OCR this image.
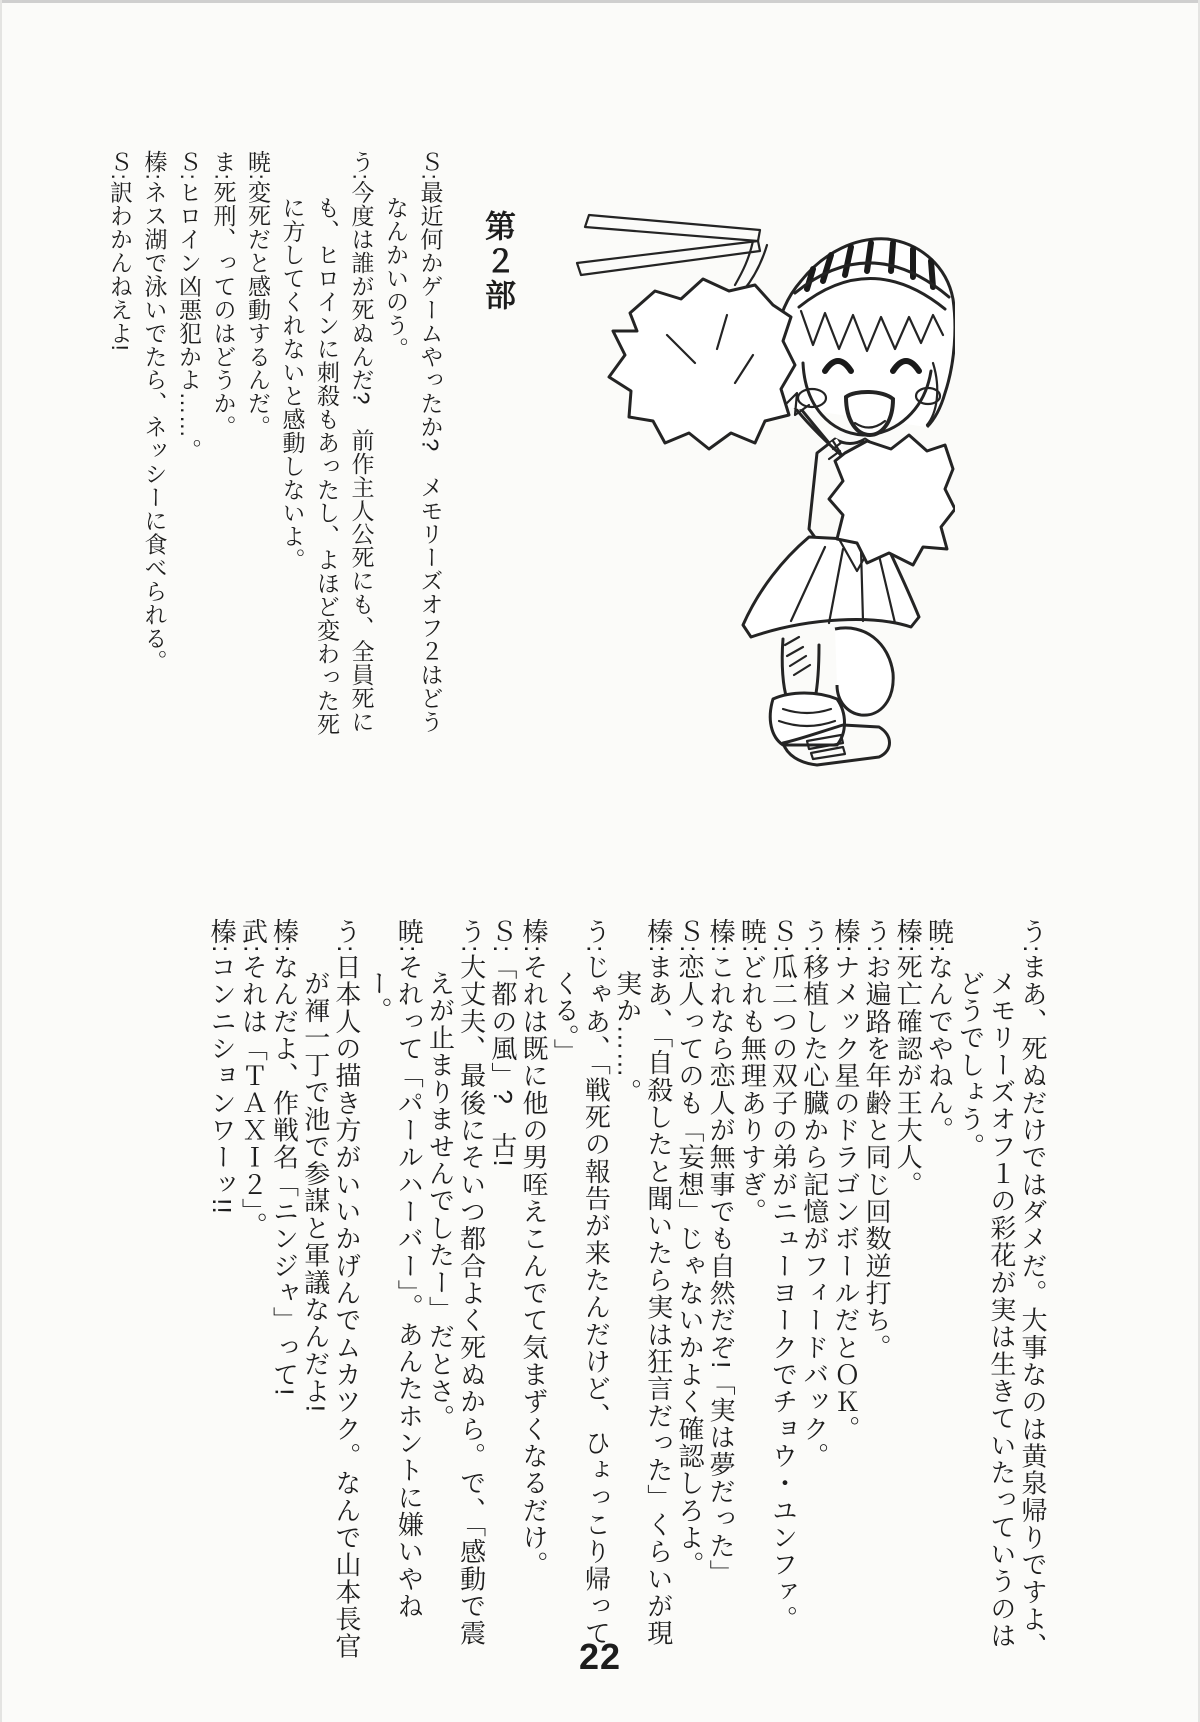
第２部

Ｓ:最近何かゲームやったか?　メモリーズオフ２はどうなんかいのう。

う:今度は誰が死ぬんだ?　前作主人公死にも、全員死にも、ヒロインに刺殺もあったし、よほど変わった死に方してくれないと感動しないよ。

暁:変死だと感動するんだ。

ま:死刑、ってのはどうか。

Ｓ:ヒロイン凶悪犯かよ……。

榛:ネス湖で泳いでたら、ネッシーに食べられる。

Ｓ:訳わかんねえよ!

う:まあ、死ぬだけではダメだ。大事なのは黄泉帰りですよ、メモリーズオフ１の彩花が実は生きていたっていうのはどうでしょう。

暁:なんでやねん。

榛:死亡確認が王大人。

う:お遍路を年齢と同じ回数逆打ち。

榛:ナメック星のドラゴンボールだとＯＫ。

う:移植した心臓から記憶がフィードバック。

Ｓ:瓜二つの双子の弟がニューヨークでチョウ・ユンファ。

暁:どれも無理ありすぎ。

榛:これなら恋人が無事でも自然だぞ!「実は夢だった」

Ｓ:恋人ってのも「妄想」じゃないかよく確認しろよ。

榛:まあ、「自殺したと聞いたら実は狂言だった」くらいが現実か……。

う:じゃあ、「戦死の報告が来たんだけど、ひょっこり帰ってくる。」

榛:それは既に他の男咥えこんでて気まずくなるだけ。

Ｓ:「都の風」?　古!

う:大丈夫、最後にそいつ都合よく死ぬから。で、「感動で震えが止まりませんでしたー」だとさ。

暁:それって「パールハーバー」。あんたホントに嫌いやねー。

う:日本人の描き方がいいかげんでムカツク。なんで山本長官が褌一丁で池で参謀と軍議なんだよ!

榛:なんだよ、作戦名「ニンジャ」って!

武:それは「ＴＡＸＩ２」。

榛:コンニションワーッ!!

22
